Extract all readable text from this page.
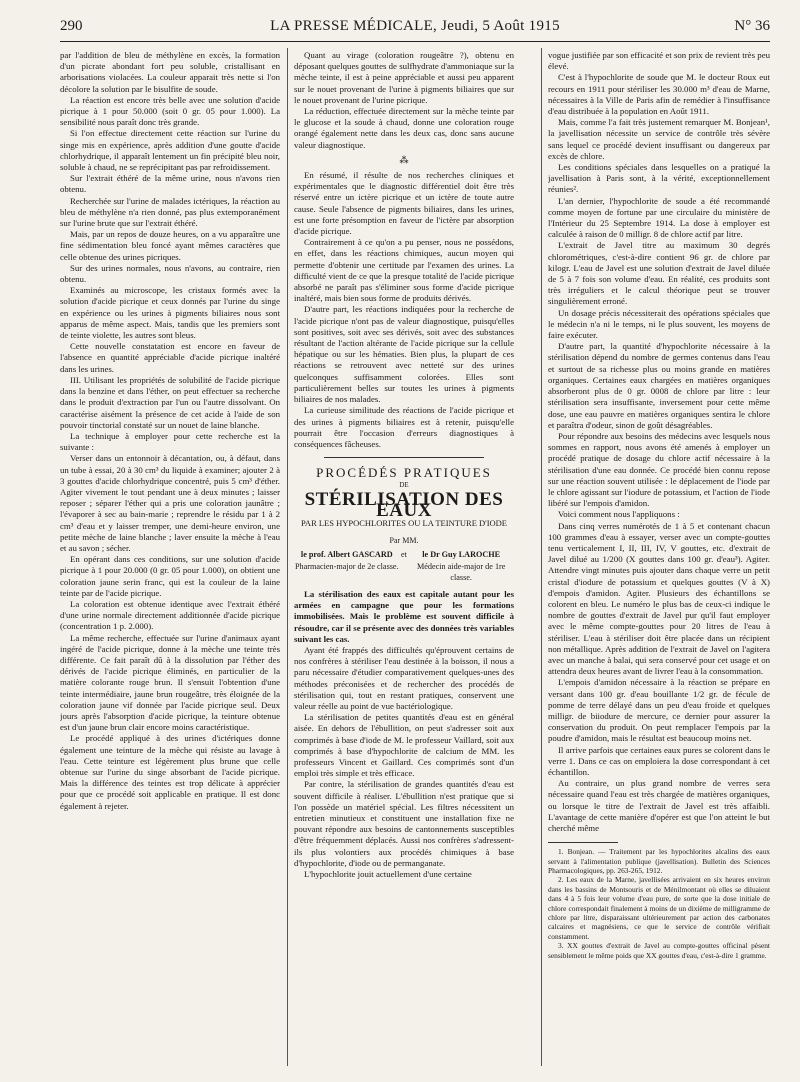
290	LA PRESSE MÉDICALE, Jeudi, 5 Août 1915	N° 36

par l'addition de bleu de méthylène en excès, la formation d'un picrate abondant fort peu soluble, cristallisant en arborisations violacées. La couleur apparait très nette si l'on décolore la solution par le bisulfite de soude.

La réaction est encore très belle avec une solution d'acide picrique à 1 pour 50.000 (soit 0 gr. 05 pour 1.000). La sensibilité nous paraît donc très grande.

Si l'on effectue directement cette réaction sur l'urine du singe mis en expérience, après addition d'une goutte d'acide chlorhydrique, il apparaît lentement un fin précipité bleu noir, soluble à chaud, ne se reprécipitant pas par refroidissement.

Sur l'extrait éthéré de la même urine, nous n'avons rien obtenu.

Recherchée sur l'urine de malades ictériques, la réaction au bleu de méthylène n'a rien donné, pas plus extemporanément sur l'urine brute que sur l'extrait éthéré.

Mais, par un repos de douze heures, on a vu apparaître une fine sédimentation bleu foncé ayant mêmes caractères que celle obtenue des urines picriques.

Sur des urines normales, nous n'avons, au contraire, rien obtenu.

Examinés au microscope, les cristaux formés avec la solution d'acide picrique et ceux donnés par l'urine du singe en expérience ou les urines à pigments biliaires nous sont apparus de même aspect. Mais, tandis que les premiers sont de teinte violette, les autres sont bleus.

Cette nouvelle constatation est encore en faveur de l'absence en quantité appréciable d'acide picrique inaltéré dans les urines.

III. Utilisant les propriétés de solubilité de l'acide picrique dans la benzine et dans l'éther, on peut effectuer sa recherche dans le produit d'extraction par l'un ou l'autre dissolvant. On caractérise aisément la présence de cet acide à l'aide de son pouvoir tinctorial constaté sur un nouet de laine blanche.

La technique à employer pour cette recherche est la suivante :

Verser dans un entonnoir à décantation, ou, à défaut, dans un tube à essai, 20 à 30 cm³ du liquide à examiner; ajouter 2 à 3 gouttes d'acide chlorhydrique concentré, puis 5 cm³ d'éther. Agiter vivement le tout pendant une à deux minutes ; laisser reposer ; séparer l'éther qui a pris une coloration jaunâtre ; l'évaporer à sec au bain-marie ; reprendre le résidu par 1 à 2 cm³ d'eau et y laisser tremper, une demi-heure environ, une petite mèche de laine blanche ; laver ensuite la mèche à l'eau et au savon ; sécher.

En opérant dans ces conditions, sur une solution d'acide picrique à 1 pour 20.000 (0 gr. 05 pour 1.000), on obtient une coloration jaune serin franc, qui est la couleur de la laine teinte par de l'acide picrique.

La coloration est obtenue identique avec l'extrait éthéré d'une urine normale directement additionnée d'acide picrique (concentration 1 p. 2.000).

La même recherche, effectuée sur l'urine d'animaux ayant ingéré de l'acide picrique, donne à la mèche une teinte très différente. Ce fait paraît dû à la dissolution par l'éther des dérivés de l'acide picrique éliminés, en particulier de la matière colorante rouge brun. Il s'ensuit l'obtention d'une teinte intermédiaire, jaune brun rougeâtre, très éloignée de la coloration jaune vif donnée par l'acide picrique seul. Deux jours après l'absorption d'acide picrique, la teinture obtenue est d'un jaune brun clair encore moins caractéristique.

Le procédé appliqué à des urines d'ictériques donne également une teinture de la mèche qui résiste au lavage à l'eau. Cette teinture est légèrement plus brune que celle obtenue sur l'urine du singe absorbant de l'acide picrique. Mais la différence des teintes est trop délicate à apprécier pour que ce procédé soit applicable en pratique. Il est donc également à rejeter.

Quant au virage (coloration rougeâtre ?), obtenu en déposant quelques gouttes de sulfhydrate d'ammoniaque sur la mèche teinte, il est à peine appréciable et aussi peu apparent sur le nouet provenant de l'urine à pigments biliaires que sur le nouet provenant de l'urine picrique.

La réduction, effectuée directement sur la mèche teinte par le glucose et la soude à chaud, donne une coloration rouge orangé également nette dans les deux cas, donc sans aucune valeur diagnostique.

⁂

En résumé, il résulte de nos recherches cliniques et expérimentales que le diagnostic différentiel doit être très réservé entre un ictère picrique et un ictère de toute autre cause. Seule l'absence de pigments biliaires, dans les urines, est une forte présomption en faveur de l'ictère par absorption d'acide picrique.

Contrairement à ce qu'on a pu penser, nous ne possédons, en effet, dans les réactions chimiques, aucun moyen qui permette d'obtenir une certitude par l'examen des urines. La difficulté vient de ce que la presque totalité de l'acide picrique absorbé ne paraît pas s'éliminer sous forme d'acide picrique inaltéré, mais bien sous forme de produits dérivés.

D'autre part, les réactions indiquées pour la recherche de l'acide picrique n'ont pas de valeur diagnostique, puisqu'elles sont positives, soit avec ses dérivés, soit avec des substances résultant de l'action altérante de l'acide picrique sur la cellule hépatique ou sur les hématies. Bien plus, la plupart de ces réactions se retrouvent avec netteté sur des urines quelconques suffisamment colorées. Elles sont particulièrement belles sur toutes les urines à pigments biliaires de nos malades.

La curieuse similitude des réactions de l'acide picrique et des urines à pigments biliaires est à retenir, puisqu'elle pourrait être l'occasion d'erreurs diagnostiques à conséquences fâcheuses.

PROCÉDÉS PRATIQUES
DE
STÉRILISATION DES EAUX
PAR LES HYPOCHLORITES OU LA TEINTURE D'IODE
Par MM.
le prof. Albert GASCARD
Pharmacien-major de 2e classe.
et	le Dr Guy LAROCHE
Médecin aide-major de 1re classe.

La stérilisation des eaux est capitale autant pour les armées en campagne que pour les formations immobilisées. Mais le problème est souvent difficile à résoudre, car il se présente avec des données très variables suivant les cas.

Ayant été frappés des difficultés qu'éprouvent certains de nos confrères à stériliser l'eau destinée à la boisson, il nous a paru nécessaire d'étudier comparativement quelques-unes des méthodes préconisées et de rechercher des procédés de stérilisation qui, tout en restant pratiques, conservent une valeur réelle au point de vue bactériologique.

La stérilisation de petites quantités d'eau est en général aisée. En dehors de l'ébullition, on peut s'adresser soit aux comprimés à base d'iode de M. le professeur Vaillard, soit aux comprimés à base d'hypochlorite de calcium de MM. les professeurs Vincent et Gaillard. Ces comprimés sont d'un emploi très simple et très efficace.

Par contre, la stérilisation de grandes quantités d'eau est souvent difficile à réaliser. L'ébullition n'est pratique que si l'on possède un matériel spécial. Les filtres nécessitent un entretien minutieux et constituent une installation fixe ne pouvant répondre aux besoins de cantonnements susceptibles d'être fréquemment déplacés. Aussi nos confrères s'adressent-ils plus volontiers aux procédés chimiques à base d'hypochlorite, d'iode ou de permanganate.

L'hypochlorite jouit actuellement d'une certaine

vogue justifiée par son efficacité et son prix de revient très peu élevé.

C'est à l'hypochlorite de soude que M. le docteur Roux eut recours en 1911 pour stériliser les 30.000 m³ d'eau de Marne, nécessaires à la Ville de Paris afin de remédier à l'insuffisance d'eau distribuée à la population en Août 1911.

Mais, comme l'a fait très justement remarquer M. Bonjean¹, la javellisation nécessite un service de contrôle très sévère sans lequel ce procédé devient insuffisant ou dangereux par excès de chlore.

Les conditions spéciales dans lesquelles on a pratiqué la javellisation à Paris sont, à la vérité, exceptionnellement réunies².

L'an dernier, l'hypochlorite de soude a été recommandé comme moyen de fortune par une circulaire du ministère de l'Intérieur du 25 Septembre 1914. La dose à employer est calculée à raison de 0 milligr. 8 de chlore actif par litre.

L'extrait de Javel titre au maximum 30 degrés chlorométriques, c'est-à-dire contient 96 gr. de chlore par kilogr. L'eau de Javel est une solution d'extrait de Javel diluée de 5 à 7 fois son volume d'eau. En réalité, ces produits sont très irréguliers et le calcul théorique peut se trouver singulièrement erroné.

Un dosage précis nécessiterait des opérations spéciales que le médecin n'a ni le temps, ni le plus souvent, les moyens de faire exécuter.

D'autre part, la quantité d'hypochlorite nécessaire à la stérilisation dépend du nombre de germes contenus dans l'eau et surtout de sa richesse plus ou moins grande en matières organiques. Certaines eaux chargées en matières organiques absorberont plus de 0 gr. 0008 de chlore par litre : leur stérilisation sera insuffisante, inversement pour cette même dose, une eau pauvre en matières organiques sentira le chlore et paraîtra d'odeur, sinon de goût désagréables.

Pour répondre aux besoins des médecins avec lesquels nous sommes en rapport, nous avons été amenés à employer un procédé pratique de dosage du chlore actif nécessaire à la stérilisation d'une eau donnée. Ce procédé bien connu repose sur une réaction souvent utilisée : le déplacement de l'iode par le chlore agissant sur l'iodure de potassium, et l'action de l'iode libéré sur l'empois d'amidon.

Voici comment nous l'appliquons :

Dans cinq verres numérotés de 1 à 5 et contenant chacun 100 grammes d'eau à essayer, verser avec un compte-gouttes tenu verticalement I, II, III, IV, V gouttes, etc. d'extrait de Javel dilué au 1/200 (X gouttes dans 100 gr. d'eau³). Agiter. Attendre vingt minutes puis ajouter dans chaque verre un petit cristal d'iodure de potassium et quelques gouttes (V à X) d'empois d'amidon. Agiter. Plusieurs des échantillons se colorent en bleu. Le numéro le plus bas de ceux-ci indique le nombre de gouttes d'extrait de Javel pur qu'il faut employer avec le même compte-gouttes pour 20 litres de l'eau à stériliser. L'eau à stériliser doit être placée dans un récipient non métallique. Après addition de l'extrait de Javel on l'agitera avec un manche à balai, qui sera conservé pour cet usage et on attendra deux heures avant de livrer l'eau à la consommation.

L'empois d'amidon nécessaire à la réaction se prépare en versant dans 100 gr. d'eau bouillante 1/2 gr. de fécule de pomme de terre délayé dans un peu d'eau froide et quelques milligr. de biiodure de mercure, ce dernier pour assurer la conservation du produit. On peut remplacer l'empois par la poudre d'amidon, mais le résultat est beaucoup moins net.

Il arrive parfois que certaines eaux pures se colorent dans le verre 1. Dans ce cas on emploiera la dose correspondant à cet échantillon.

Au contraire, un plus grand nombre de verres sera nécessaire quand l'eau est très chargée de matières organiques, ou lorsque le titre de l'extrait de Javel est très affaibli. L'avantage de cette manière d'opérer est que l'on atteint le but cherché même

1. Bonjean. — Traitement par les hypochlorites alcalins des eaux servant à l'alimentation publique (javellisation). Bulletin des Sciences Pharmacologiques, pp. 263-265, 1912.

2. Les eaux de la Marne, javellisées arrivaient en six heures environ dans les bassins de Montsouris et de Ménilmontant où elles se diluaient dans 4 à 5 fois leur volume d'eau pure, de sorte que la dose initiale de chlore correspondait finalement à moins de un dixième de milligramme de chlore par litre, disparaissant ultérieurement par action des carbonates calcaires et magnésiens, ce que le service de contrôle vérifiait constamment.

3. XX gouttes d'extrait de Javel au compte-gouttes officinal pèsent sensiblement le même poids que XX gouttes d'eau, c'est-à-dire 1 gramme.
